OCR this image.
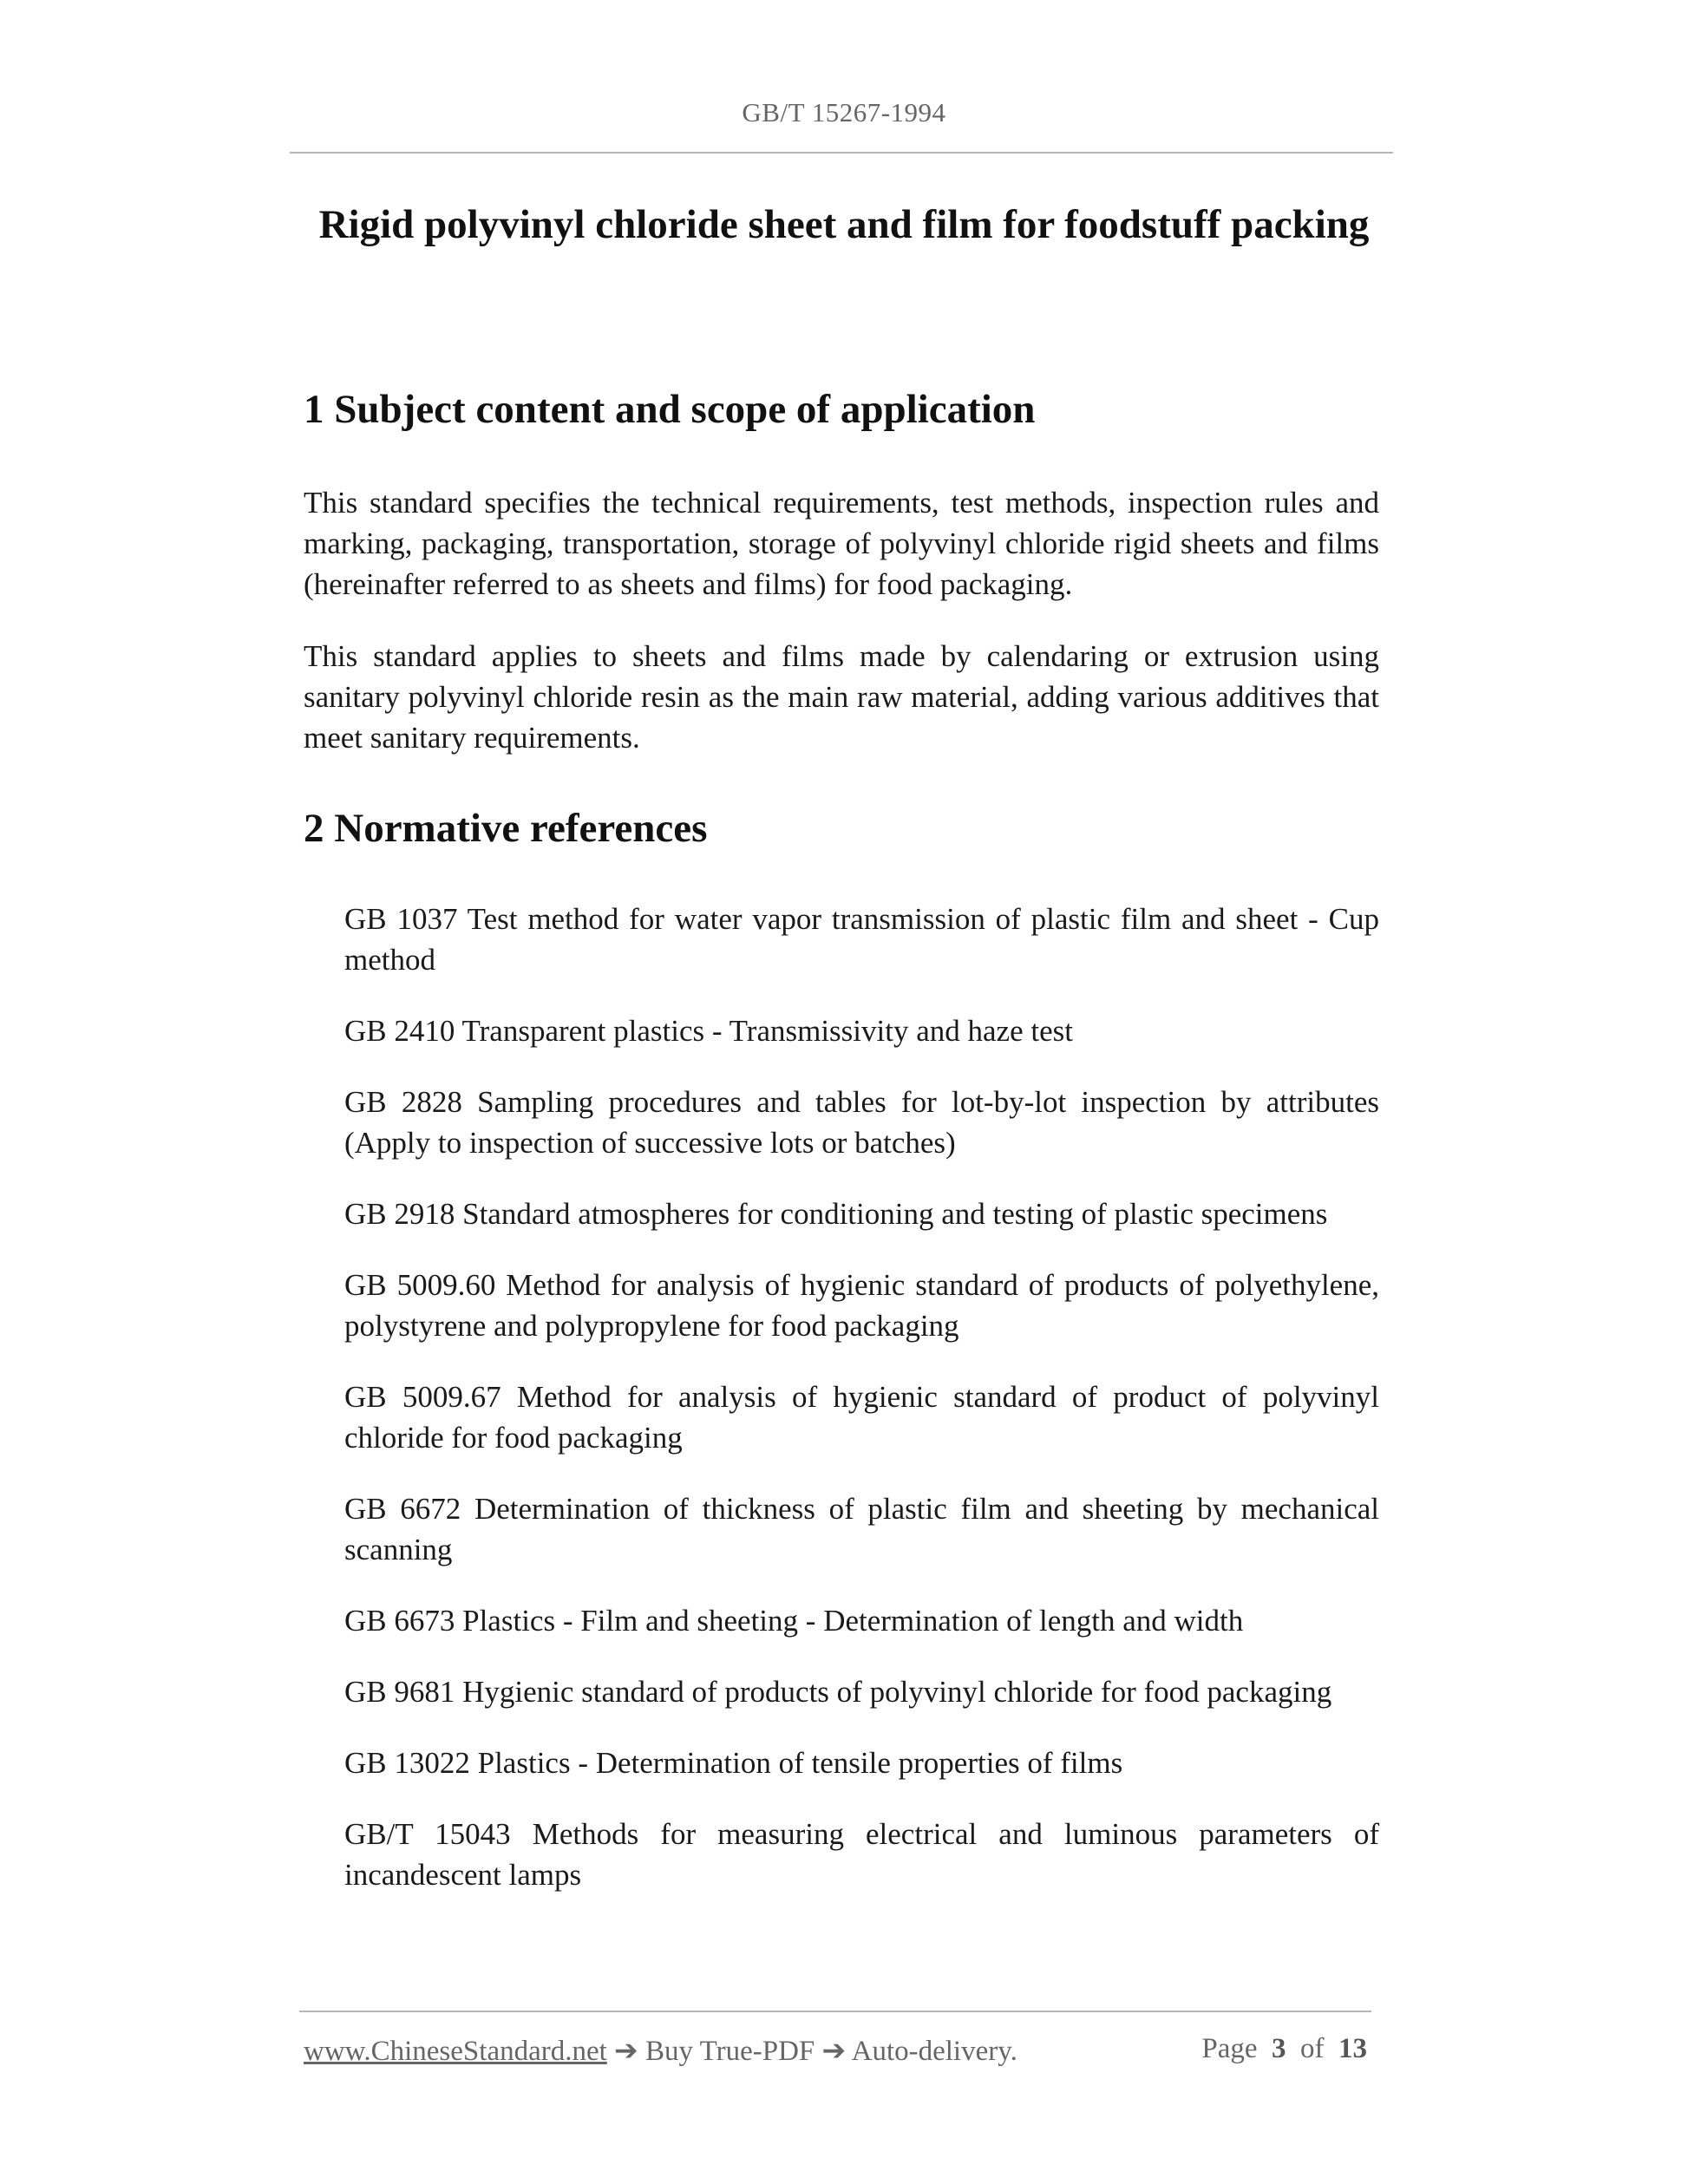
GB/T 15267-1994
Rigid polyvinyl chloride sheet and film for foodstuff packing
1 Subject content and scope of application

This standard specifies the technical requirements, test methods, inspection rules and marking, packaging, transportation, storage of polyvinyl chloride rigid sheets and films (hereinafter referred to as sheets and films) for food packaging.

This standard applies to sheets and films made by calendaring or extrusion using sanitary polyvinyl chloride resin as the main raw material, adding various additives that meet sanitary requirements.

2 Normative references
GB 1037 Test method for water vapor transmission of plastic film and sheet - Cup method
GB 2410 Transparent plastics - Transmissivity and haze test
GB 2828 Sampling procedures and tables for lot-by-lot inspection by attributes (Apply to inspection of successive lots or batches)
GB 2918 Standard atmospheres for conditioning and testing of plastic specimens
GB 5009.60 Method for analysis of hygienic standard of products of polyethylene, polystyrene and polypropylene for food packaging
GB 5009.67 Method for analysis of hygienic standard of product of polyvinyl chloride for food packaging
GB 6672 Determination of thickness of plastic film and sheeting by mechanical scanning
GB 6673 Plastics - Film and sheeting - Determination of length and width
GB 9681 Hygienic standard of products of polyvinyl chloride for food packaging
GB 13022 Plastics - Determination of tensile properties of films
GB/T 15043 Methods for measuring electrical and luminous parameters of incandescent lamps
www.ChineseStandard.net ➔ Buy True-PDF ➔ Auto-delivery.	Page 3 of 13
